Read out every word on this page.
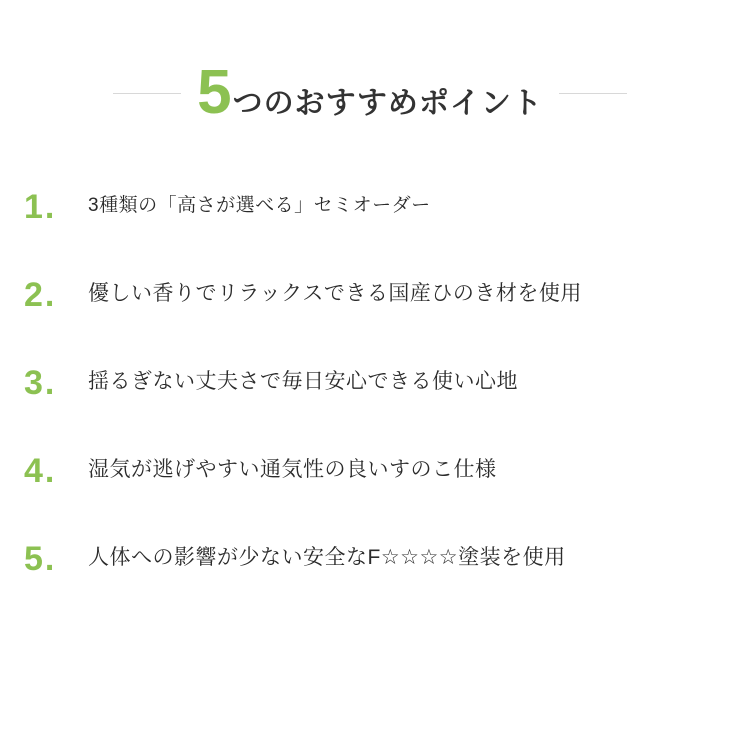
5 つのおすすめポイント
1.	3種類の「高さが選べる」セミオーダー
2.	優しい香りでリラックスできる国産ひのき材を使用
3.	揺るぎない丈夫さで毎日安心できる使い心地
4.	湿気が逃げやすい通気性の良いすのこ仕様
5.	人体への影響が少ない安全なF☆☆☆☆塗装を使用
